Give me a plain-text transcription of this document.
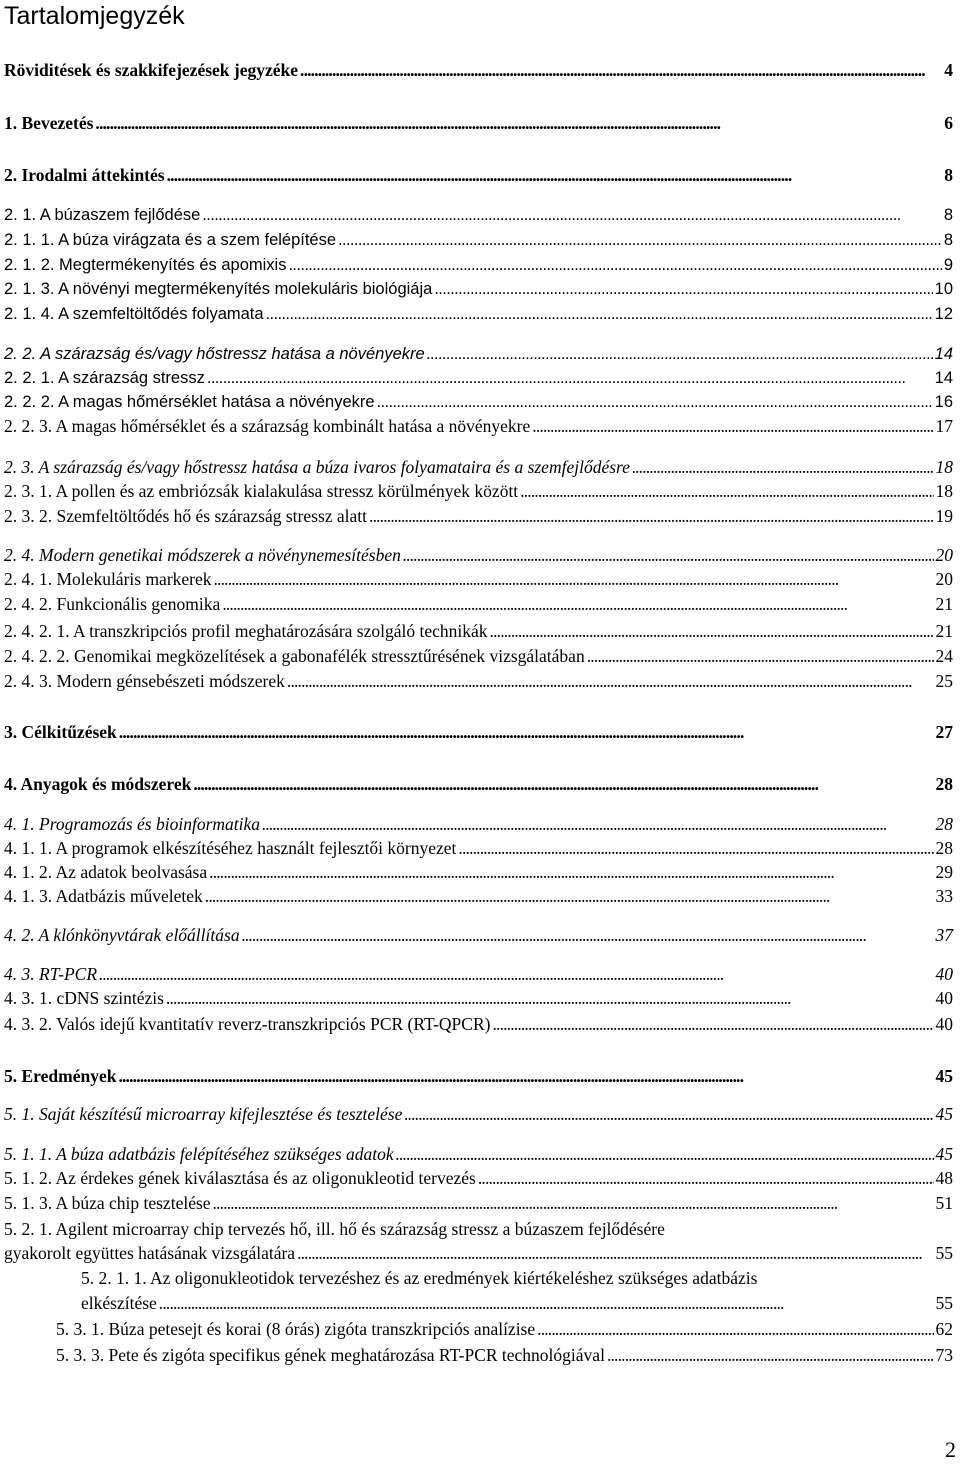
Tartalomjegyzék
Röviditések és szakkifejezések jegyzéke . . .	4
1. Bevezetés . . .	6
2. Irodalmi áttekintés . . .	8
2. 1. A búzaszem fejlődése . . .	8
2. 1. 1. A búza virágzata és a szem felépítése . . .	8
2. 1. 2. Megtermékenyítés és apomixis . . .	9
2. 1. 3. A növényi megtermékenyítés molekuláris biológiája . . .	10
2. 1. 4. A szemfeltöltődés folyamata . . .	12
2. 2. A szárazság és/vagy hőstressz hatása a növényekre . . .	14
2. 2. 1. A szárazság stressz . . .	14
2. 2. 2. A magas hőmérséklet hatása a növényekre . . .	16
2. 2. 3. A magas hőmérséklet és a szárazság kombinált hatása a növényekre . . .	17
2. 3. A szárazság és/vagy hőstressz hatása a búza ivaros folyamataira és a szemfejlődésre . . .	18
2. 3. 1. A pollen és az embriózsák kialakulása stressz körülmények között . . .	18
2. 3. 2. Szemfeltöltődés hő és szárazság stressz alatt . . .	19
2. 4. Modern genetikai módszerek a növénynemesítésben . . .	20
2. 4. 1. Molekuláris markerek . . .	20
2. 4. 2. Funkcionális genomika . . .	21
2. 4. 2. 1. A transzkripciós profil meghatározására szolgáló technikák . . .	21
2. 4. 2. 2. Genomikai megközelítések a gabonafélék stressztűrésének vizsgálatában . . .	24
2. 4. 3. Modern génsebészeti módszerek . . .	25
3. Célkitűzések . . .	27
4. Anyagok és módszerek . . .	28
4. 1. Programozás és bioinformatika . . .	28
4. 1. 1. A programok elkészítéséhez használt fejlesztői környezet . . .	28
4. 1. 2. Az adatok beolvasása . . .	29
4. 1. 3. Adatbázis műveletek . . .	33
4. 2. A klónkönyvtárak előállítása . . .	37
4. 3. RT-PCR . . .	40
4. 3. 1. cDNS szintézis . . .	40
4. 3. 2. Valós idejű kvantitatív reverz-transzkripciós PCR (RT-QPCR) . . .	40
5. Eredmények . . .	45
5. 1. Saját készítésű microarray kifejlesztése és tesztelése . . .	45
5. 1. 1. A búza adatbázis felépítéséhez szükséges adatok . . .	45
5. 1. 2. Az érdekes gének kiválasztása és az oligonukleotid tervezés . . .	48
5. 1. 3. A búza chip tesztelése . . .	51
5. 2. 1. Agilent microarray chip tervezés hő, ill. hő és szárazság stressz a búzaszem fejlődésére
gyakorolt együttes hatásának vizsgálatára . . .	55
5. 2. 1. 1. Az oligonukleotidok tervezéshez és az eredmények kiértékeléshez szükséges adatbázis
elkészítése . . .	55
5. 3. 1. Búza petesejt és korai (8 órás) zigóta transzkripciós analízise . . .	62
5. 3. 3. Pete és zigóta specifikus gének meghatározása RT-PCR technológiával . . .	73
2
